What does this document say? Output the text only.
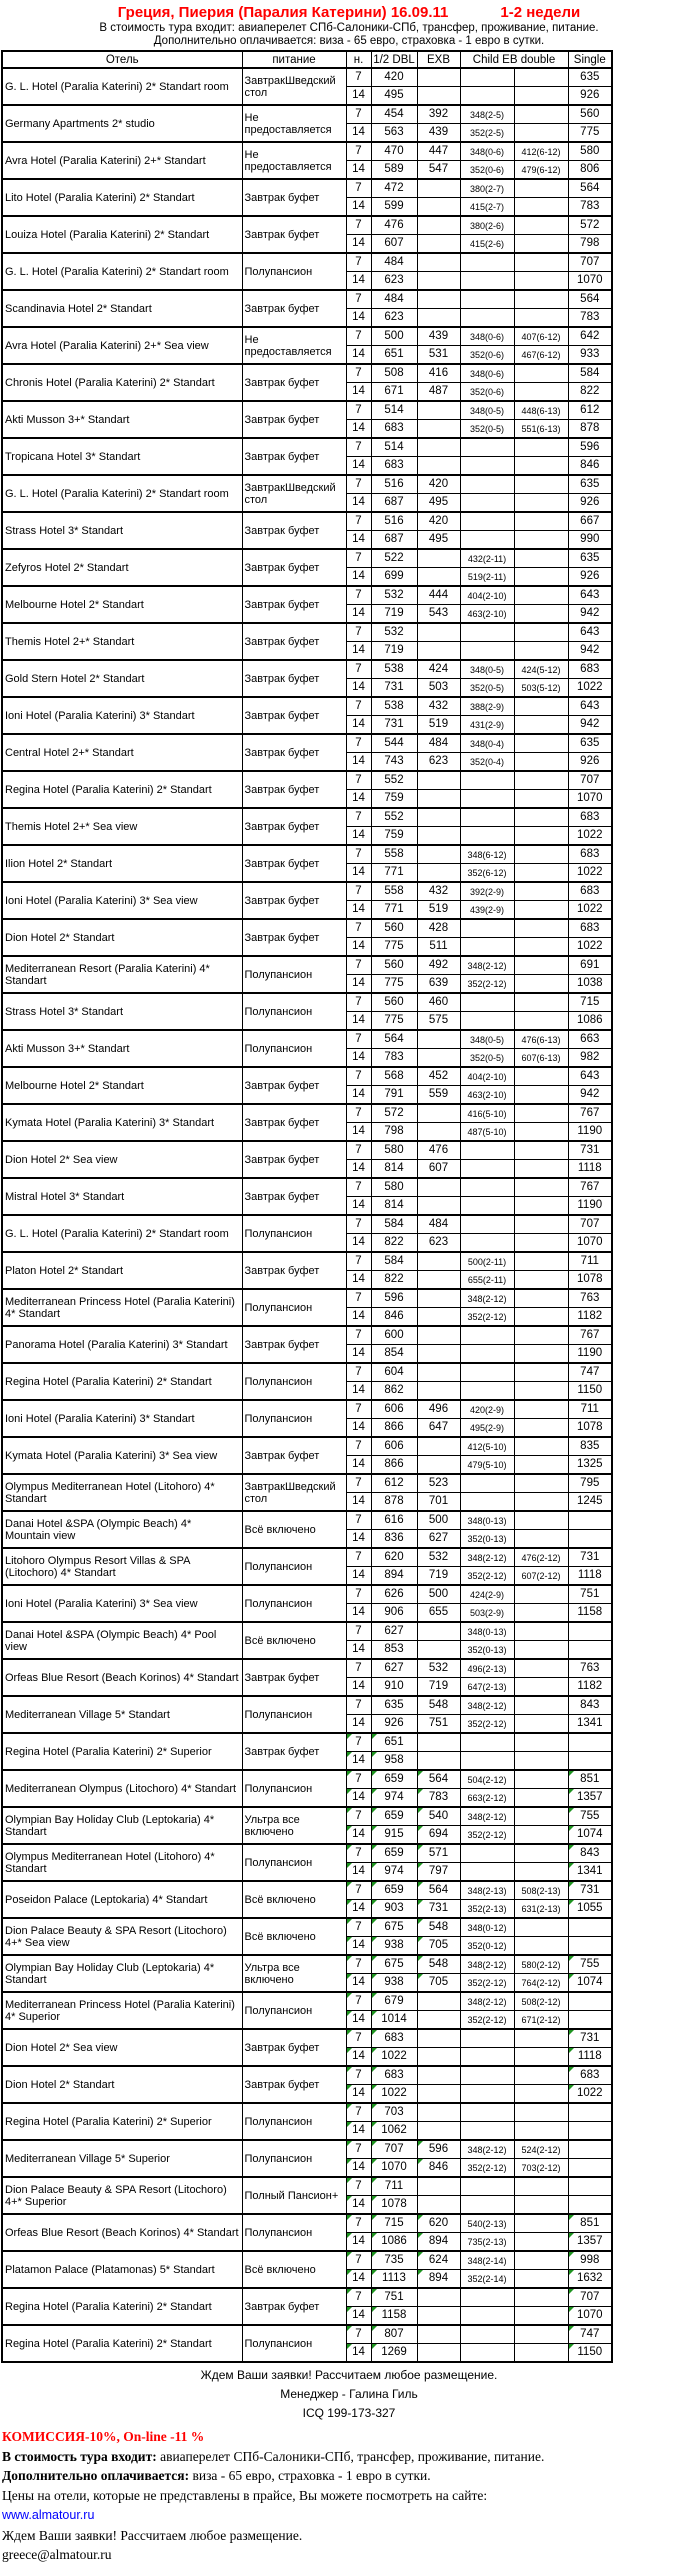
Греция, Пиерия (Паралия Катерини) 16.09.11	1-2 недели
В стоимость тура входит: авиаперелет СПб-Салоники-СПб, трансфер, проживание, питание.
Дополнительно оплачивается: виза - 65 евро, страховка - 1 евро в сутки.
Отель	питание	н.	1/2 DBL	EXB	Child EB double		Single
G. L. Hotel (Paralia Katerini) 2* Standart room	ЗавтракШведский стол	7	420				635
		14	495				926
Germany Apartments 2* studio	Не предоставляется	7	454	392	348(2-5)		560
		14	563	439	352(2-5)		775
Avra Hotel (Paralia Katerini) 2+* Standart	Не предоставляется	7	470	447	348(0-6)	412(6-12)	580
		14	589	547	352(0-6)	479(6-12)	806
Lito Hotel (Paralia Katerini) 2* Standart	Завтрак буфет	7	472		380(2-7)		564
		14	599		415(2-7)		783
Louiza Hotel (Paralia Katerini) 2* Standart	Завтрак буфет	7	476		380(2-6)		572
		14	607		415(2-6)		798
G. L. Hotel (Paralia Katerini) 2* Standart room	Полупансион	7	484				707
		14	623				1070
Scandinavia Hotel 2* Standart	Завтрак буфет	7	484				564
		14	623				783
Avra Hotel (Paralia Katerini) 2+* Sea view	Не предоставляется	7	500	439	348(0-6)	407(6-12)	642
		14	651	531	352(0-6)	467(6-12)	933
Chronis Hotel (Paralia Katerini) 2* Standart	Завтрак буфет	7	508	416	348(0-6)		584
		14	671	487	352(0-6)		822
Akti Musson 3+* Standart	Завтрак буфет	7	514		348(0-5)	448(6-13)	612
		14	683		352(0-5)	551(6-13)	878
Tropicana Hotel 3* Standart	Завтрак буфет	7	514				596
		14	683				846
G. L. Hotel (Paralia Katerini) 2* Standart room	ЗавтракШведский стол	7	516	420			635
		14	687	495			926
Strass Hotel 3* Standart	Завтрак буфет	7	516	420			667
		14	687	495			990
Zefyros Hotel 2* Standart	Завтрак буфет	7	522		432(2-11)		635
		14	699		519(2-11)		926
Melbourne Hotel 2* Standart	Завтрак буфет	7	532	444	404(2-10)		643
		14	719	543	463(2-10)		942
Themis Hotel 2+* Standart	Завтрак буфет	7	532				643
		14	719				942
Gold Stern Hotel 2* Standart	Завтрак буфет	7	538	424	348(0-5)	424(5-12)	683
		14	731	503	352(0-5)	503(5-12)	1022
Ioni Hotel (Paralia Katerini) 3* Standart	Завтрак буфет	7	538	432	388(2-9)		643
		14	731	519	431(2-9)		942
Central Hotel 2+* Standart	Завтрак буфет	7	544	484	348(0-4)		635
		14	743	623	352(0-4)		926
Regina Hotel (Paralia Katerini) 2* Standart	Завтрак буфет	7	552				707
		14	759				1070
Themis Hotel 2+* Sea view	Завтрак буфет	7	552				683
		14	759				1022
Ilion Hotel 2* Standart	Завтрак буфет	7	558		348(6-12)		683
		14	771		352(6-12)		1022
Ioni Hotel (Paralia Katerini) 3* Sea view	Завтрак буфет	7	558	432	392(2-9)		683
		14	771	519	439(2-9)		1022
Dion Hotel 2* Standart	Завтрак буфет	7	560	428			683
		14	775	511			1022
Mediterranean Resort (Paralia Katerini) 4* Standart	Полупансион	7	560	492	348(2-12)		691
		14	775	639	352(2-12)		1038
Strass Hotel 3* Standart	Полупансион	7	560	460			715
		14	775	575			1086
Akti Musson 3+* Standart	Полупансион	7	564		348(0-5)	476(6-13)	663
		14	783		352(0-5)	607(6-13)	982
Melbourne Hotel 2* Standart	Завтрак буфет	7	568	452	404(2-10)		643
		14	791	559	463(2-10)		942
Kymata Hotel (Paralia Katerini) 3* Standart	Завтрак буфет	7	572		416(5-10)		767
		14	798		487(5-10)		1190
Dion Hotel 2* Sea view	Завтрак буфет	7	580	476			731
		14	814	607			1118
Mistral Hotel 3* Standart	Завтрак буфет	7	580				767
		14	814				1190
G. L. Hotel (Paralia Katerini) 2* Standart room	Полупансион	7	584	484			707
		14	822	623			1070
Platon Hotel 2* Standart	Завтрак буфет	7	584		500(2-11)		711
		14	822		655(2-11)		1078
Mediterranean Princess Hotel (Paralia Katerini) 4* Standart	Полупансион	7	596		348(2-12)		763
		14	846		352(2-12)		1182
Panorama Hotel (Paralia Katerini) 3* Standart	Завтрак буфет	7	600				767
		14	854				1190
Regina Hotel (Paralia Katerini) 2* Standart	Полупансион	7	604				747
		14	862				1150
Ioni Hotel (Paralia Katerini) 3* Standart	Полупансион	7	606	496	420(2-9)		711
		14	866	647	495(2-9)		1078
Kymata Hotel (Paralia Katerini) 3* Sea view	Завтрак буфет	7	606		412(5-10)		835
		14	866		479(5-10)		1325
Olympus Mediterranean Hotel (Litohoro) 4* Standart	ЗавтракШведский стол	7	612	523			795
		14	878	701			1245
Danai Hotel &SPA (Olympic Beach) 4* Mountain view	Всё включено	7	616	500	348(0-13)		
		14	836	627	352(0-13)		
Litohoro Olympus Resort Villas & SPA (Litochoro) 4* Standart	Полупансион	7	620	532	348(2-12)	476(2-12)	731
		14	894	719	352(2-12)	607(2-12)	1118
Ioni Hotel (Paralia Katerini) 3* Sea view	Полупансион	7	626	500	424(2-9)		751
		14	906	655	503(2-9)		1158
Danai Hotel &SPA (Olympic Beach) 4* Pool view	Всё включено	7	627		348(0-13)		
		14	853		352(0-13)		
Orfeas Blue Resort (Beach Korinos) 4* Standart	Завтрак буфет	7	627	532	496(2-13)		763
		14	910	719	647(2-13)		1182
Mediterranean Village 5* Standart	Полупансион	7	635	548	348(2-12)		843
		14	926	751	352(2-12)		1341
Regina Hotel (Paralia Katerini) 2* Superior	Завтрак буфет	7	651

		14	958

Mediterranean Olympus (Litochoro) 4* Standart	Полупансион	7	659	564	504(2-12)		851

		14	974	783	663(2-12)		1357

Olympian Bay Holiday Club (Leptokaria) 4* Standart	Ультра все включено	7	659	540	348(2-12)		755

		14	915	694	352(2-12)		1074

Olympus Mediterranean Hotel (Litohoro) 4* Standart	Полупансион	7	659	571			843

		14	974	797			1341

Poseidon Palace (Leptokaria) 4* Standart	Всё включено	7	659	564	348(2-13)	508(2-13)	731

		14	903	731	352(2-13)	631(2-13)	1055

Dion Palace Beauty & SPA Resort (Litochoro) 4+* Sea view	Всё включено	7	675	548	348(0-12)		
		14	938	705	352(0-12)		
Olympian Bay Holiday Club (Leptokaria) 4* Standart	Ультра все включено	7	675	548	348(2-12)	580(2-12)	755

		14	938	705	352(2-12)	764(2-12)	1074

Mediterranean Princess Hotel (Paralia Katerini) 4* Superior	Полупансион	7	679		348(2-12)	508(2-12)	
		14	1014		352(2-12)	671(2-12)	
Dion Hotel 2* Sea view	Завтрак буфет	7	683				731

		14	1022				1118

Dion Hotel 2* Standart	Завтрак буфет	7	683				683

		14	1022				1022

Regina Hotel (Paralia Katerini) 2* Superior	Полупансион	7	703

		14	1062

Mediterranean Village 5* Superior	Полупансион	7	707	596	348(2-12)	524(2-12)	
		14	1070	846	352(2-12)	703(2-12)	
Dion Palace Beauty & SPA Resort (Litochoro) 4+* Superior	Полный Пансион+	7	711

		14	1078

Orfeas Blue Resort (Beach Korinos) 4* Standart	Полупансион	7	715	620	540(2-13)		851

		14	1086	894	735(2-13)		1357

Platamon Palace (Platamonas) 5* Standart	Всё включено	7	735	624	348(2-14)		998

		14	1113	894	352(2-14)		1632

Regina Hotel (Paralia Katerini) 2* Standart	Завтрак буфет	7	751				707

		14	1158				1070

Regina Hotel (Paralia Katerini) 2* Standart	Полупансион	7	807				747

		14	1269				1150
Ждем Ваши заявки! Рассчитаем любое размещение.
Менеджер - Галина Гиль
ICQ 199-173-327
КОМИССИЯ-10%, On-line -11 %
В стоимость тура входит: авиаперелет СПб-Салоники-СПб, трансфер, проживание, питание.
Дополнительно оплачивается: виза - 65 евро, страховка - 1 евро в сутки.
Цены на отели, которые не представлены в прайсе, Вы можете посмотреть на сайте:
www.almatour.ru
Ждем Ваши заявки! Рассчитаем любое размещение.
greece@almatour.ru
